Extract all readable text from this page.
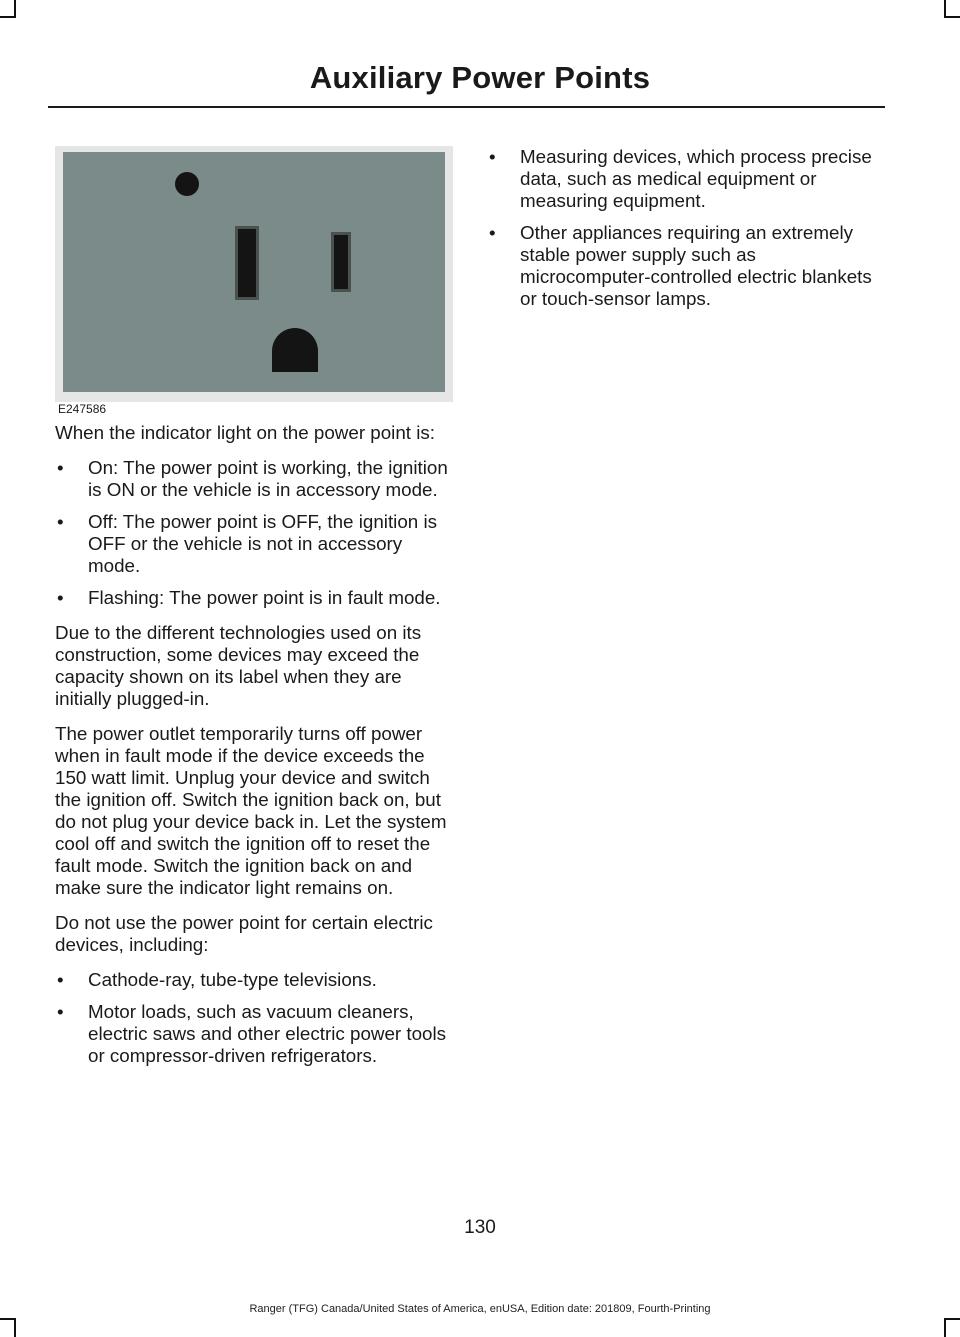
Auxiliary Power Points
E247586

When the indicator light on the power point is:

• On: The power point is working, the ignition is ON or the vehicle is in accessory mode.
• Off: The power point is OFF, the ignition is OFF or the vehicle is not in accessory mode.
• Flashing: The power point is in fault mode.

Due to the different technologies used on its construction, some devices may exceed the capacity shown on its label when they are initially plugged-in.

The power outlet temporarily turns off power when in fault mode if the device exceeds the 150 watt limit. Unplug your device and switch the ignition off. Switch the ignition back on, but do not plug your device back in. Let the system cool off and switch the ignition off to reset the fault mode. Switch the ignition back on and make sure the indicator light remains on.

Do not use the power point for certain electric devices, including:

• Cathode-ray, tube-type televisions.
• Motor loads, such as vacuum cleaners, electric saws and other electric power tools or compressor-driven refrigerators.
• Measuring devices, which process precise data, such as medical equipment or measuring equipment.
• Other appliances requiring an extremely stable power supply such as microcomputer-controlled electric blankets or touch-sensor lamps.
130
Ranger (TFG) Canada/United States of America, enUSA, Edition date: 201809, Fourth-Printing
